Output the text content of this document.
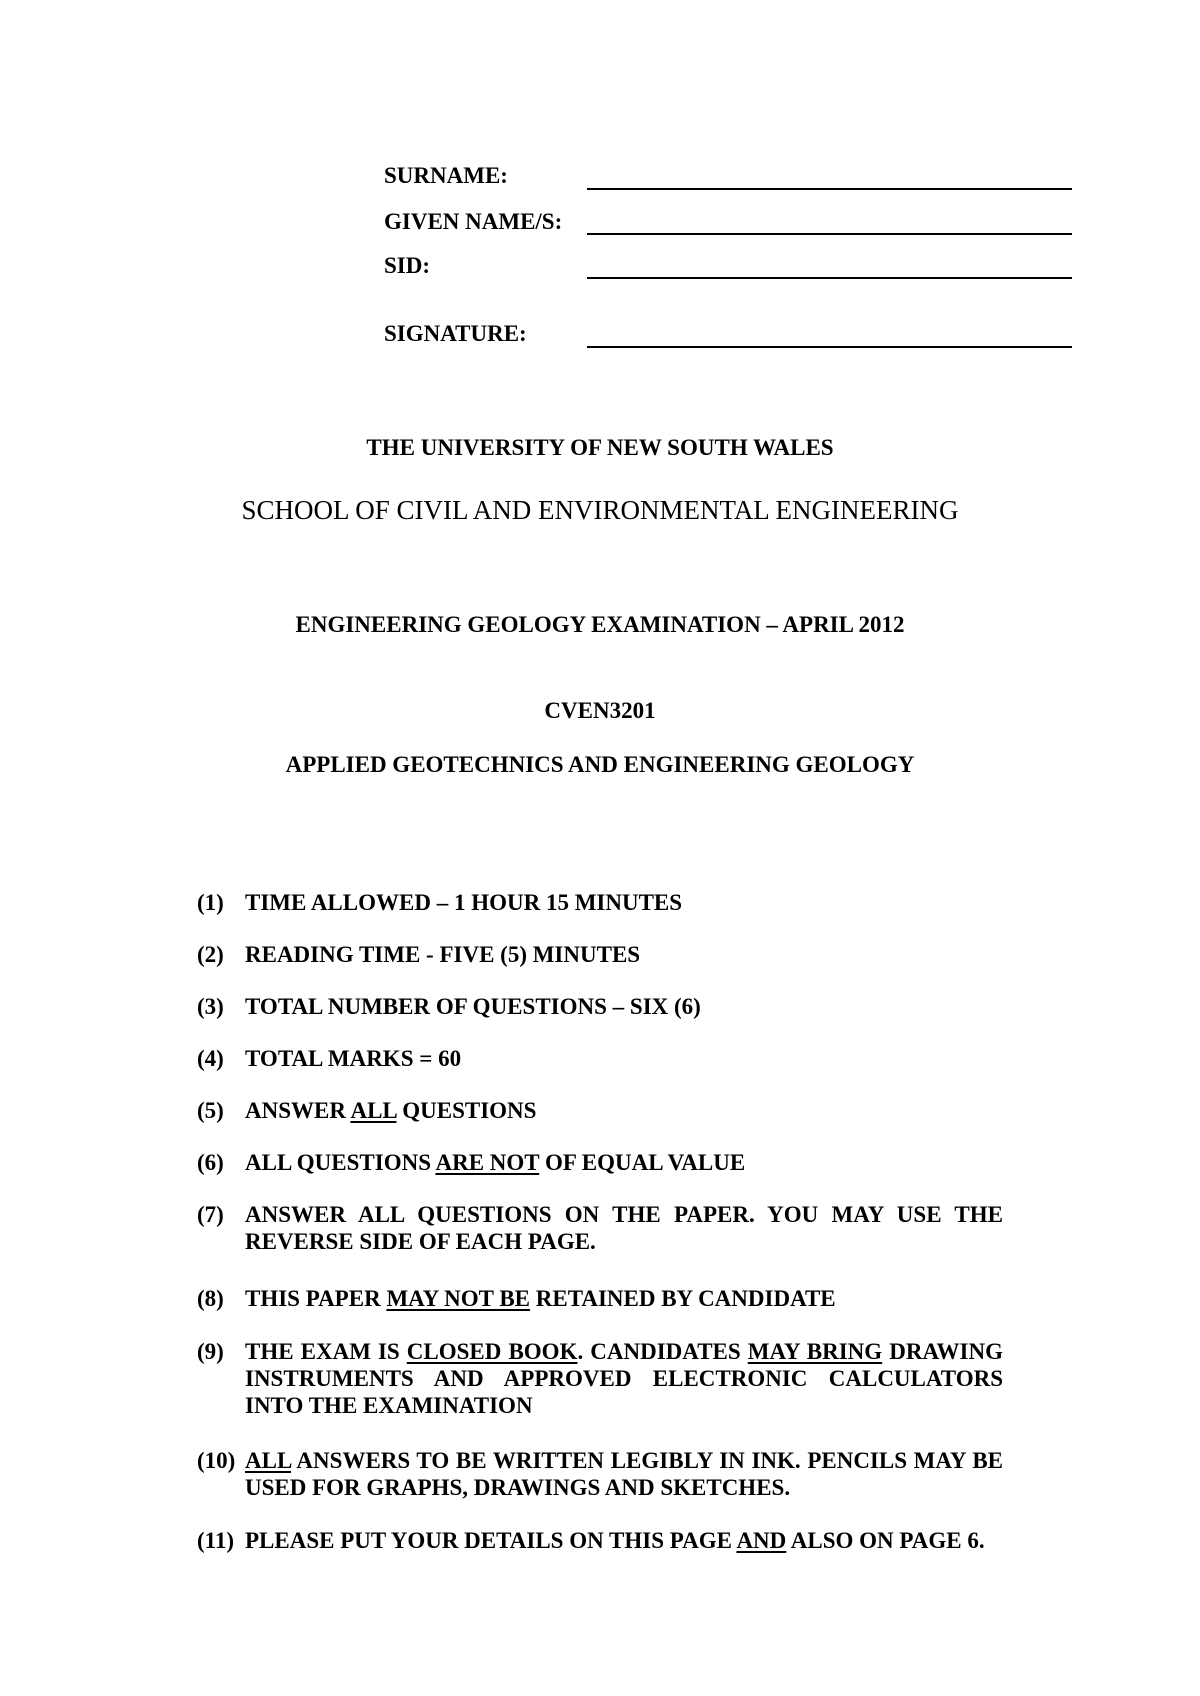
SURNAME:
GIVEN NAME/S:
SID:
SIGNATURE:
THE UNIVERSITY OF NEW SOUTH WALES
SCHOOL OF CIVIL AND ENVIRONMENTAL ENGINEERING
ENGINEERING GEOLOGY EXAMINATION – APRIL 2012
CVEN3201
APPLIED GEOTECHNICS AND ENGINEERING GEOLOGY
(1) TIME ALLOWED – 1 HOUR 15 MINUTES
(2) READING TIME - FIVE (5) MINUTES
(3) TOTAL NUMBER OF QUESTIONS – SIX (6)
(4) TOTAL MARKS = 60
(5) ANSWER ALL QUESTIONS
(6) ALL QUESTIONS ARE NOT OF EQUAL VALUE
(7) ANSWER ALL QUESTIONS ON THE PAPER. YOU MAY USE THE REVERSE SIDE OF EACH PAGE.
(8) THIS PAPER MAY NOT BE RETAINED BY CANDIDATE
(9) THE EXAM IS CLOSED BOOK. CANDIDATES MAY BRING DRAWING INSTRUMENTS AND APPROVED ELECTRONIC CALCULATORS INTO THE EXAMINATION
(10) ALL ANSWERS TO BE WRITTEN LEGIBLY IN INK. PENCILS MAY BE USED FOR GRAPHS, DRAWINGS AND SKETCHES.
(11) PLEASE PUT YOUR DETAILS ON THIS PAGE AND ALSO ON PAGE 6.
